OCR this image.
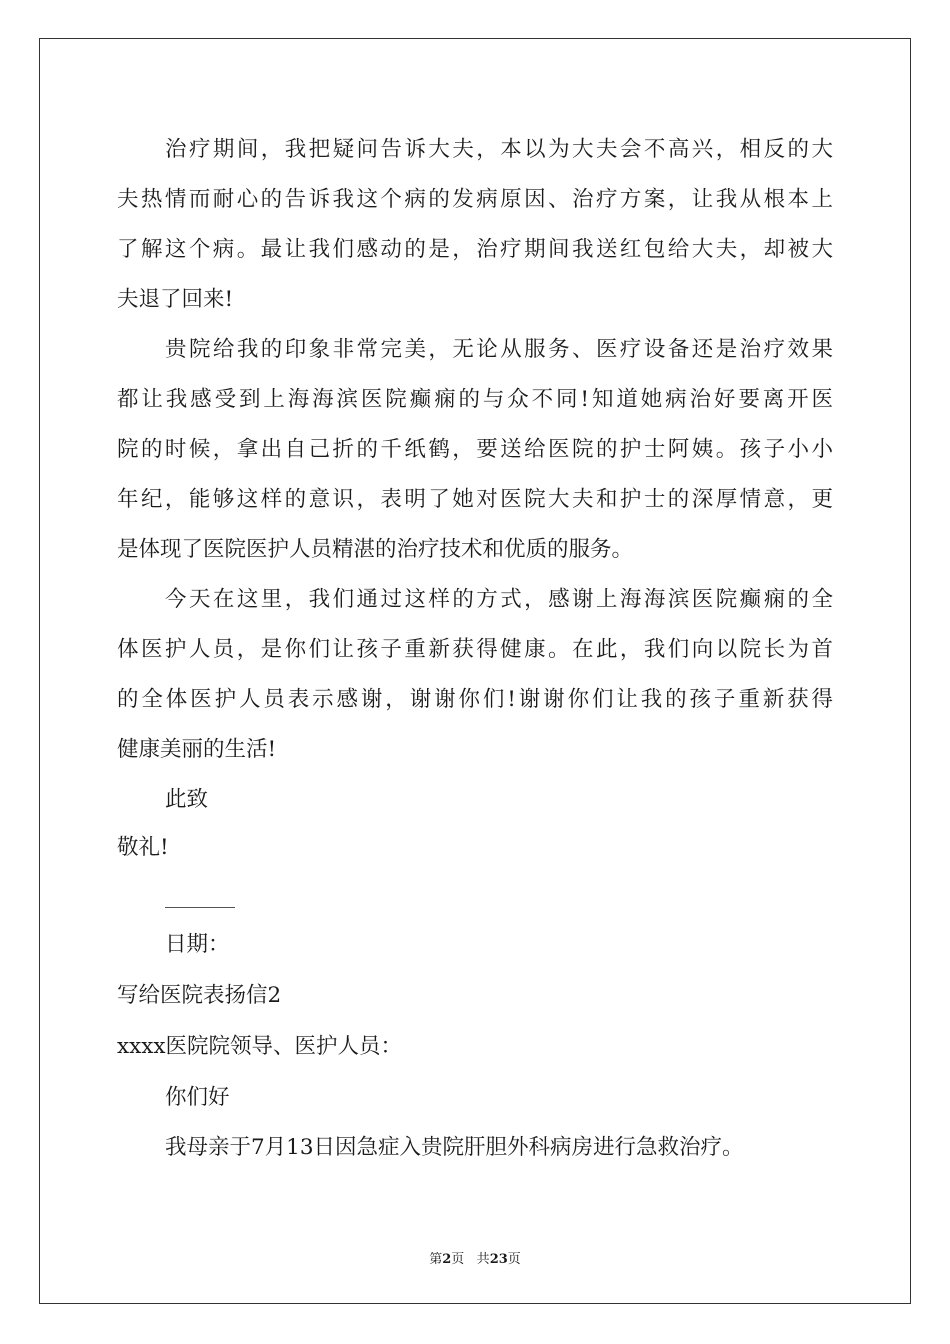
治疗期间，我把疑问告诉大夫，本以为大夫会不高兴，相反的大
夫热情而耐心的告诉我这个病的发病原因、治疗方案，让我从根本上
了解这个病。最让我们感动的是，治疗期间我送红包给大夫，却被大
夫退了回来!
贵院给我的印象非常完美，无论从服务、医疗设备还是治疗效果
都让我感受到上海海滨医院癫痫的与众不同!知道她病治好要离开医
院的时候，拿出自己折的千纸鹤，要送给医院的护士阿姨。孩子小小
年纪，能够这样的意识，表明了她对医院大夫和护士的深厚情意，更
是体现了医院医护人员精湛的治疗技术和优质的服务。
今天在这里，我们通过这样的方式，感谢上海海滨医院癫痫的全
体医护人员，是你们让孩子重新获得健康。在此，我们向以院长为首
的全体医护人员表示感谢，谢谢你们!谢谢你们让我的孩子重新获得
健康美丽的生活!
此致
敬礼!
日期：
写给医院表扬信2
xxxx医院院领导、医护人员：
你们好
我母亲于7月13日因急症入贵院肝胆外科病房进行急救治疗。
第2页 共23页
